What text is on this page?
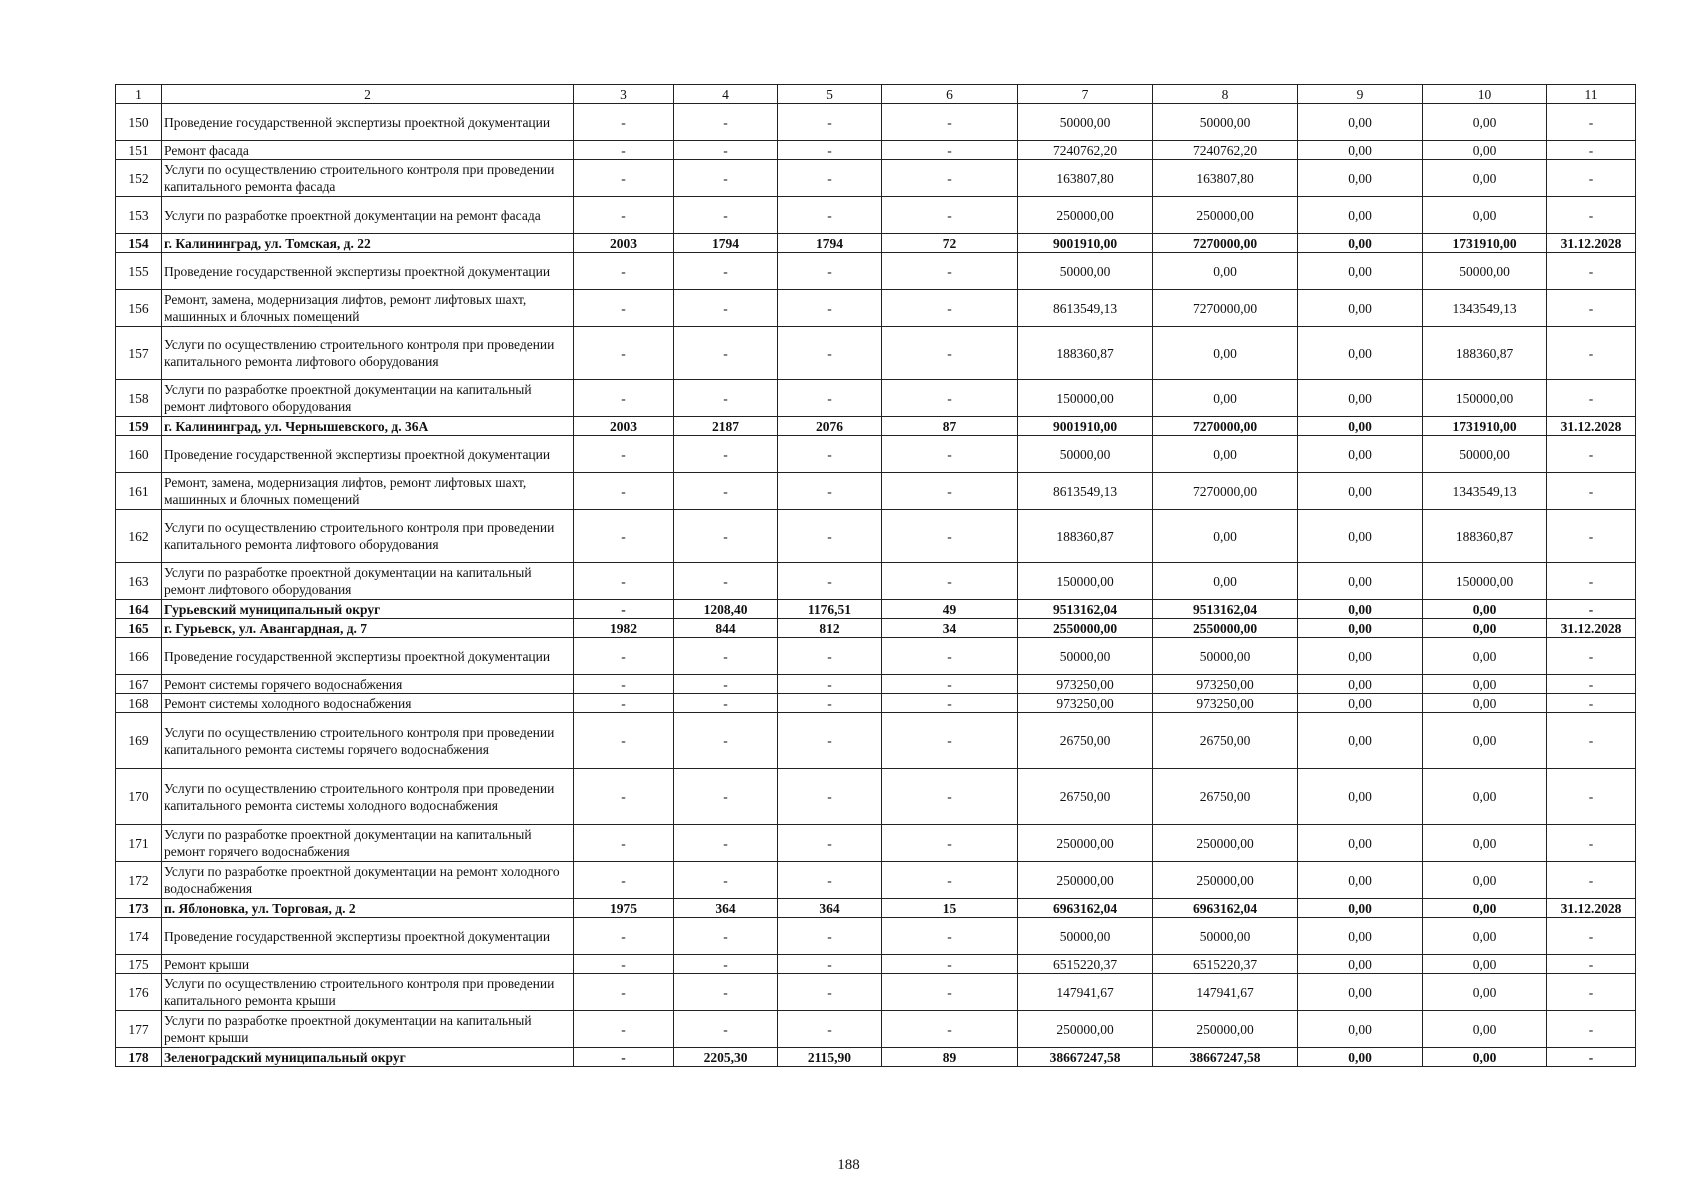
1	2	3	4	5	6	7	8	9	10	11
150	Проведение государственной экспертизы проектной документации	-	-	-	-	50000,00	50000,00	0,00	0,00	-
151	Ремонт фасада	-	-	-	-	7240762,20	7240762,20	0,00	0,00	-
152	Услуги по осуществлению строительного контроля при проведении капитального ремонта фасада	-	-	-	-	163807,80	163807,80	0,00	0,00	-
153	Услуги по разработке проектной документации на ремонт фасада	-	-	-	-	250000,00	250000,00	0,00	0,00	-
154	г. Калининград, ул. Томская, д. 22	2003	1794	1794	72	9001910,00	7270000,00	0,00	1731910,00	31.12.2028
155	Проведение государственной экспертизы проектной документации	-	-	-	-	50000,00	0,00	0,00	50000,00	-
156	Ремонт, замена, модернизация лифтов, ремонт лифтовых шахт, машинных и блочных помещений	-	-	-	-	8613549,13	7270000,00	0,00	1343549,13	-
157	Услуги по осуществлению строительного контроля при проведении капитального ремонта лифтового оборудования	-	-	-	-	188360,87	0,00	0,00	188360,87	-
158	Услуги по разработке проектной документации на капитальный ремонт лифтового оборудования	-	-	-	-	150000,00	0,00	0,00	150000,00	-
159	г. Калининград, ул. Чернышевского, д. 36А	2003	2187	2076	87	9001910,00	7270000,00	0,00	1731910,00	31.12.2028
160	Проведение государственной экспертизы проектной документации	-	-	-	-	50000,00	0,00	0,00	50000,00	-
161	Ремонт, замена, модернизация лифтов, ремонт лифтовых шахт, машинных и блочных помещений	-	-	-	-	8613549,13	7270000,00	0,00	1343549,13	-
162	Услуги по осуществлению строительного контроля при проведении капитального ремонта лифтового оборудования	-	-	-	-	188360,87	0,00	0,00	188360,87	-
163	Услуги по разработке проектной документации на капитальный ремонт лифтового оборудования	-	-	-	-	150000,00	0,00	0,00	150000,00	-
164	Гурьевский муниципальный округ	-	1208,40	1176,51	49	9513162,04	9513162,04	0,00	0,00	-
165	г. Гурьевск, ул. Авангардная, д. 7	1982	844	812	34	2550000,00	2550000,00	0,00	0,00	31.12.2028
166	Проведение государственной экспертизы проектной документации	-	-	-	-	50000,00	50000,00	0,00	0,00	-
167	Ремонт системы горячего водоснабжения	-	-	-	-	973250,00	973250,00	0,00	0,00	-
168	Ремонт системы холодного водоснабжения	-	-	-	-	973250,00	973250,00	0,00	0,00	-
169	Услуги по осуществлению строительного контроля при проведении капитального ремонта системы горячего водоснабжения	-	-	-	-	26750,00	26750,00	0,00	0,00	-
170	Услуги по осуществлению строительного контроля при проведении капитального ремонта системы холодного водоснабжения	-	-	-	-	26750,00	26750,00	0,00	0,00	-
171	Услуги по разработке проектной документации на капитальный ремонт горячего водоснабжения	-	-	-	-	250000,00	250000,00	0,00	0,00	-
172	Услуги по разработке проектной документации на ремонт холодного водоснабжения	-	-	-	-	250000,00	250000,00	0,00	0,00	-
173	п. Яблоновка, ул. Торговая, д. 2	1975	364	364	15	6963162,04	6963162,04	0,00	0,00	31.12.2028
174	Проведение государственной экспертизы проектной документации	-	-	-	-	50000,00	50000,00	0,00	0,00	-
175	Ремонт крыши	-	-	-	-	6515220,37	6515220,37	0,00	0,00	-
176	Услуги по осуществлению строительного контроля при проведении капитального ремонта крыши	-	-	-	-	147941,67	147941,67	0,00	0,00	-
177	Услуги по разработке проектной документации на капитальный ремонт крыши	-	-	-	-	250000,00	250000,00	0,00	0,00	-
178	Зеленоградский муниципальный округ	-	2205,30	2115,90	89	38667247,58	38667247,58	0,00	0,00	-
188
